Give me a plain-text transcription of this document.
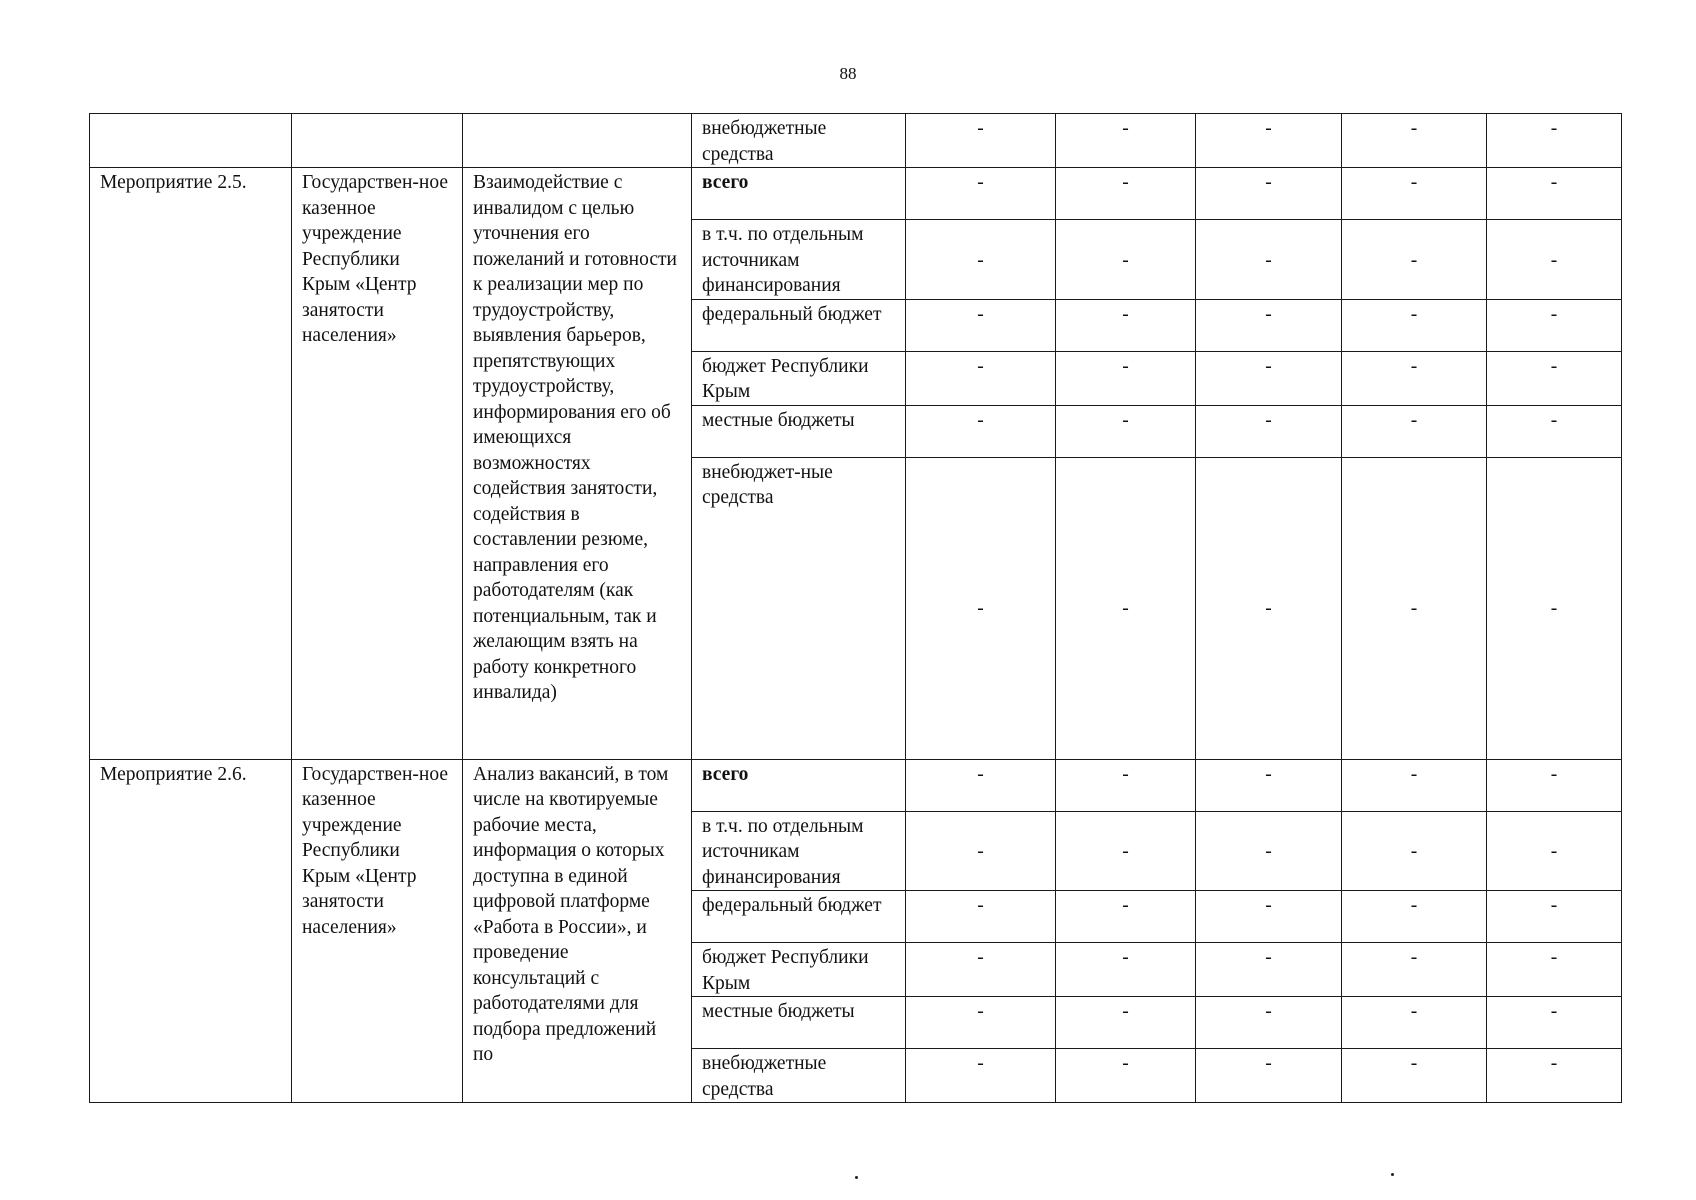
88
			внебюджетные средства	-	-	-	-	-
Мероприятие 2.5.	Государствен-ное казенное учреждение Республики Крым «Центр занятости населения»	Взаимодействие с инвалидом с целью уточнения его пожеланий и готовности к реализации мер по трудоустройству, выявления барьеров, препятствующих трудоустройству, информирования его об имеющихся возможностях содействия занятости, содействия в составлении резюме, направления его работодателям (как потенциальным, так и желающим взять на работу конкретного инвалида)	всего	-	-	-	-	-
			в т.ч. по отдельным источникам финансирования	-	-	-	-	-
			федеральный бюджет	-	-	-	-	-
			бюджет Республики Крым	-	-	-	-	-
			местные бюджеты	-	-	-	-	-
			внебюджет-ные средства	-	-	-	-	-
Мероприятие 2.6.	Государствен-ное казенное учреждение Республики Крым «Центр занятости населения»	Анализ вакансий, в том числе на квотируемые рабочие места, информация о которых доступна в единой цифровой платформе «Работа в России», и проведение консультаций с работодателями для подбора предложений по	всего	-	-	-	-	-
			в т.ч. по отдельным источникам финансирования	-	-	-	-	-
			федеральный бюджет	-	-	-	-	-
			бюджет Республики Крым	-	-	-	-	-
			местные бюджеты	-	-	-	-	-
			внебюджетные средства	-	-	-	-	-
